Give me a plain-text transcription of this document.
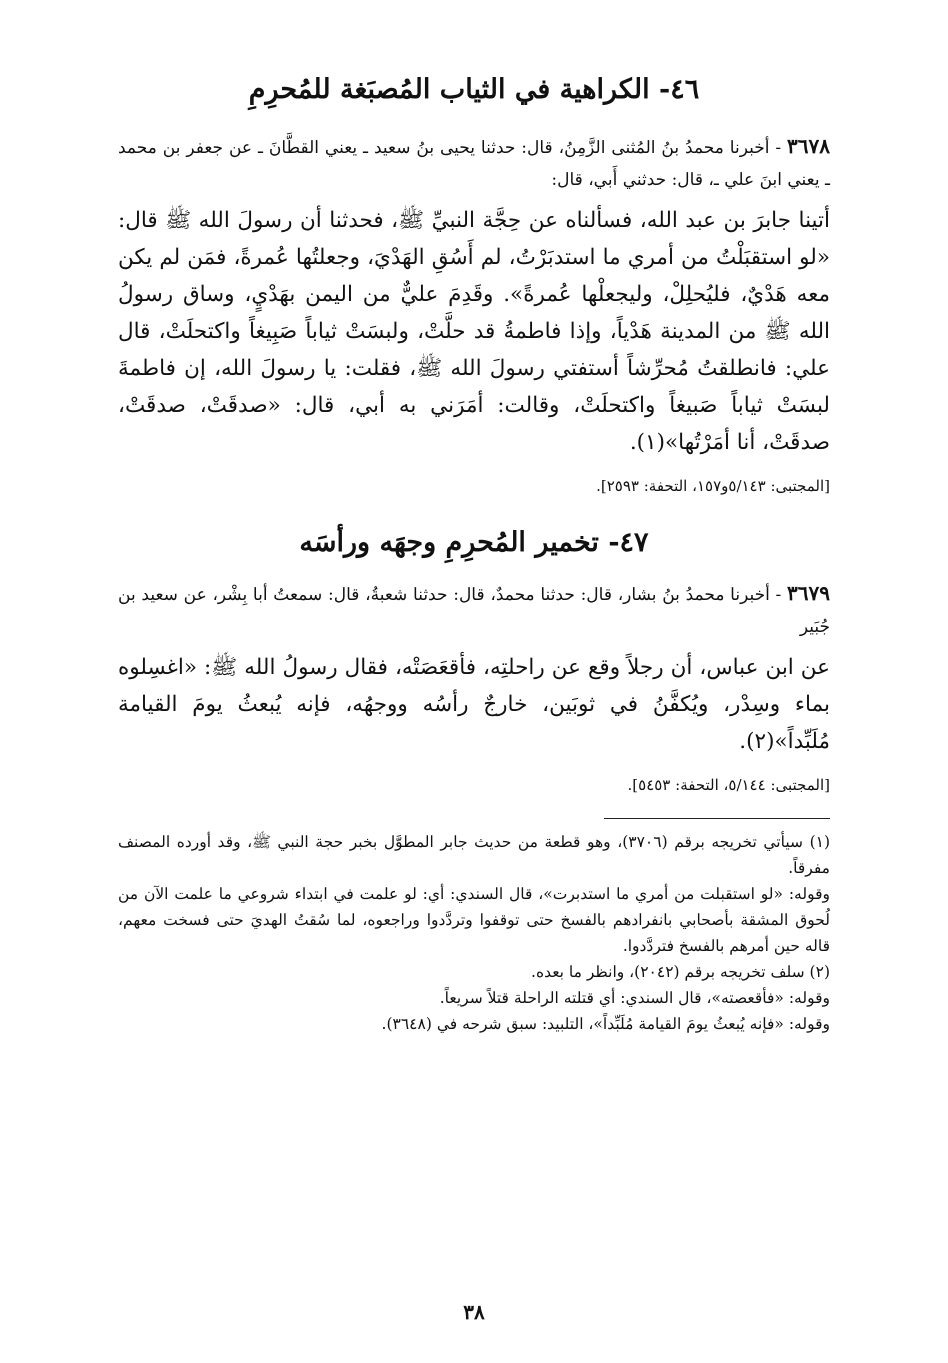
٤٦- الكراهية في الثياب المُصبَغة للمُحرِمِ

٣٦٧٨ - أخبرنا محمدُ بنُ المُثنى الزَّمِنُ، قال: حدثنا يحيى بنُ سعيد ـ يعني القطَّانَ ـ عن جعفر بن محمد ـ يعني ابنَ علي ـ، قال: حدثني أَبي، قال:

أتينا جابرَ بن عبد الله، فسألناه عن حِجَّة النبيِّ ﷺ، فحدثنا أن رسولَ الله ﷺ قال: «لو استقبَلْتُ من أمري ما استدبَرْتُ، لم أَسُقِ الهَدْيَ، وجعلتُها عُمرةً، فمَن لم يكن معه هَدْيٌ، فليُحلِلْ، وليجعلْها عُمرةً». وقَدِمَ عليٌّ من اليمن بهَدْيٍ، وساق رسولُ الله ﷺ من المدينة هَدْياً، وإذا فاطمةُ قد حلَّتْ، ولبسَتْ ثياباً صَبِيغاً واكتحلَتْ، قال علي: فانطلقتُ مُحرِّشاً أستفتي رسولَ الله ﷺ، فقلت: يا رسولَ الله، إن فاطمةَ لبسَتْ ثياباً صَبيغاً واكتحلَتْ، وقالت: أمَرَني به أبي، قال: «صدقَتْ، صدقَتْ، صدقَتْ، أنا أمَرْتُها»(١).

[المجتبى: ٥/١٤٣و١٥٧، التحفة: ٢٥٩٣].

٤٧- تخمير المُحرِمِ وجهَه ورأسَه

٣٦٧٩ - أخبرنا محمدُ بنُ بشار، قال: حدثنا محمدٌ، قال: حدثنا شعبةُ، قال: سمعتُ أبا بِشْر، عن سعيد بن جُبَير

عن ابن عباس، أن رجلاً وقع عن راحلتِه، فأقعَصَتْه، فقال رسولُ الله ﷺ: «اغسِلوه بماء وسِدْر، ويُكفَّنُ في ثوبَين، خارجٌ رأسُه ووجهُه، فإنه يُبعثُ يومَ القيامة مُلَبِّداً»(٢).

[المجتبى: ٥/١٤٤، التحفة: ٥٤٥٣].

(١) سيأتي تخريجه برقم (٣٧٠٦)، وهو قطعة من حديث جابر المطوَّل بخبر حجة النبي ﷺ، وقد أورده المصنف مفرقاً.

وقوله: «لو استقبلت من أمري ما استدبرت»، قال السندي: أي: لو علمت في ابتداء شروعي ما علمت الآن من لُحوق المشقة بأصحابي بانفرادهم بالفسخ حتى توقفوا وتردَّدوا وراجعوه، لما سُقتُ الهديَ حتى فسخت معهم، قاله حين أمرهم بالفسخ فتردَّدوا.

(٢) سلف تخريجه برقم (٢٠٤٢)، وانظر ما بعده.

وقوله: «فأقعصته»، قال السندي: أي قتلته الراحلة قتلاً سريعاً.

وقوله: «فإنه يُبعثُ يومَ القيامة مُلَبِّداً»، التلبيد: سبق شرحه في (٣٦٤٨).

٣٨
